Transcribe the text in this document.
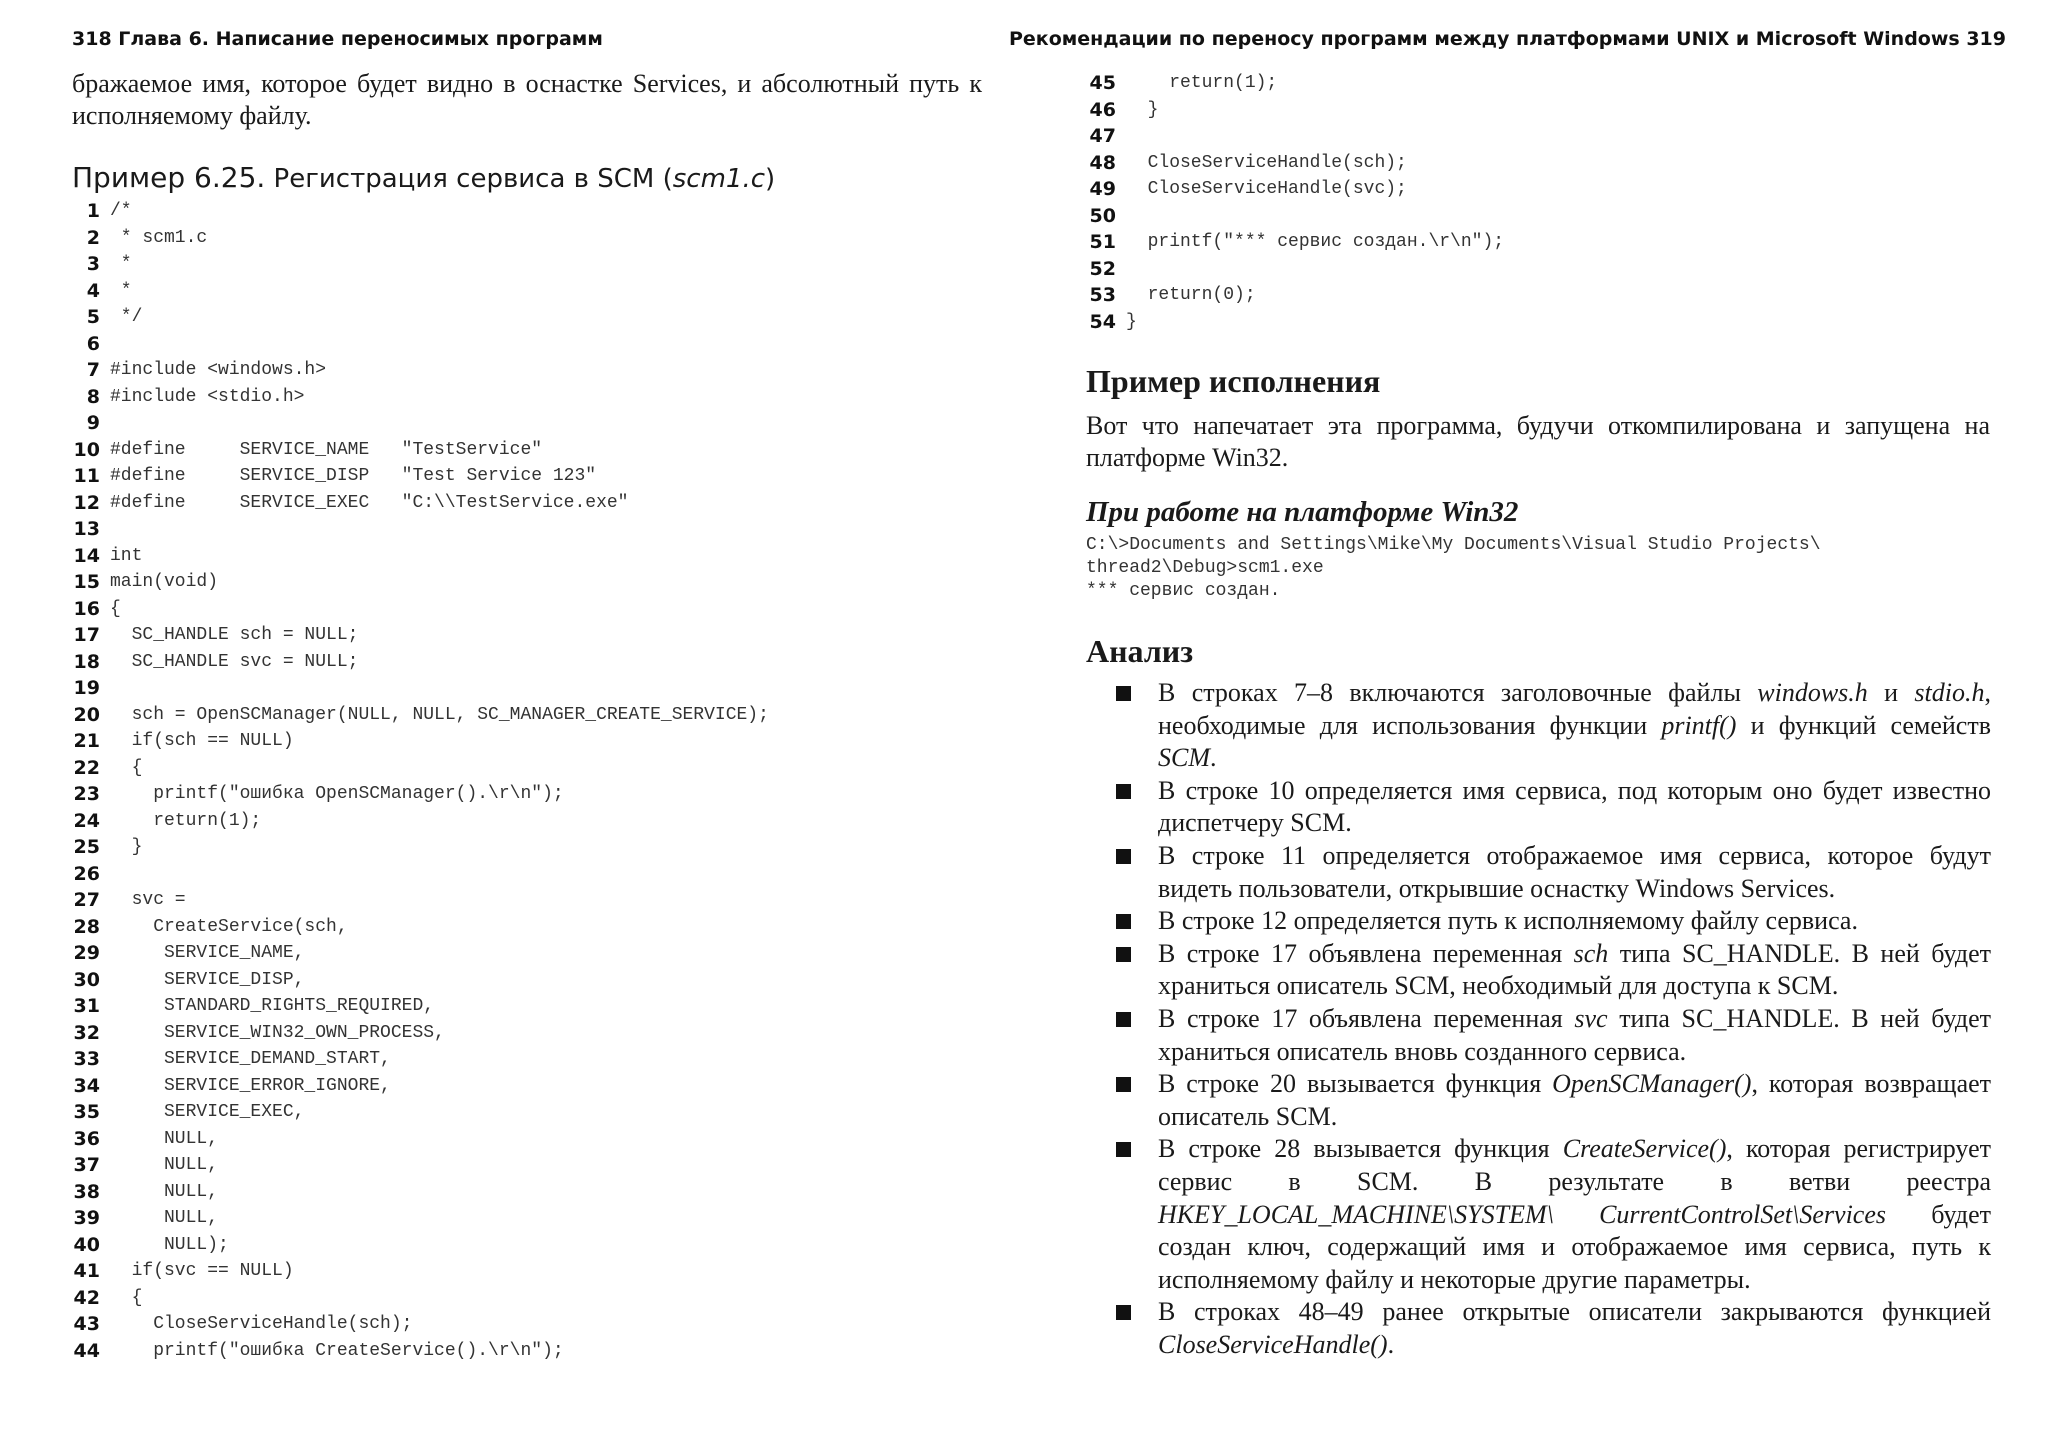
318 Глава 6. Написание переносимых программ

бражаемое имя, которое будет видно в оснастке Services, и абсолютный путь к исполняемому файлу.

Пример 6.25. Регистрация сервиса в SCM (scm1.c)
1 /*
2 * scm1.c
3 *
4 *
5 */
6
7 #include <windows.h>
8 #include <stdio.h>
9
10 #define     SERVICE_NAME   "TestService"
11 #define     SERVICE_DISP   "Test Service 123"
12 #define     SERVICE_EXEC   "C:\\TestService.exe"
13
14 int
15 main(void)
16 {
17 SC_HANDLE sch = NULL;
18 SC_HANDLE svc = NULL;
19
20 sch = OpenSCManager(NULL, NULL, SC_MANAGER_CREATE_SERVICE);
21 if(sch == NULL)
22 {
23 printf("ошибка OpenSCManager().\r\n");
24 return(1);
25 }
26
27 svc =
28 CreateService(sch,
29 SERVICE_NAME,
30 SERVICE_DISP,
31 STANDARD_RIGHTS_REQUIRED,
32 SERVICE_WIN32_OWN_PROCESS,
33 SERVICE_DEMAND_START,
34 SERVICE_ERROR_IGNORE,
35 SERVICE_EXEC,
36 NULL,
37 NULL,
38 NULL,
39 NULL,
40 NULL);
41 if(svc == NULL)
42 {
43 CloseServiceHandle(sch);
44 printf("ошибка CreateService().\r\n");
Рекомендации по переносу программ между платформами UNIX и Microsoft Windows 319
45 return(1);
46 }
47
48 CloseServiceHandle(sch);
49 CloseServiceHandle(svc);
50
51 printf("*** сервис создан.\r\n");
52
53 return(0);
54 }
Пример исполнения

Вот что напечатает эта программа, будучи откомпилирована и запущена на платформе Win32.

При работе на платформе Win32
C:\>Documents and Settings\Mike\My Documents\Visual Studio Projects\
thread2\Debug>scm1.exe
*** сервис создан.
Анализ
В строках 7–8 включаются заголовочные файлы windows.h и stdio.h, необходимые для использования функции printf() и функций семейств SCM.
В строке 10 определяется имя сервиса, под которым оно будет известно диспетчеру SCM.
В строке 11 определяется отображаемое имя сервиса, которое будут видеть пользователи, открывшие оснастку Windows Services.
В строке 12 определяется путь к исполняемому файлу сервиса.
В строке 17 объявлена переменная sch типа SC_HANDLE. В ней будет храниться описатель SCM, необходимый для доступа к SCM.
В строке 17 объявлена переменная svc типа SC_HANDLE. В ней будет храниться описатель вновь созданного сервиса.
В строке 20 вызывается функция OpenSCManager(), которая возвращает описатель SCM.
В строке 28 вызывается функция CreateService(), которая регистрирует сервис в SCM. В результате в ветви реестра HKEY_LOCAL_MACHINE\SYSTEM\ CurrentControlSet\Services будет создан ключ, содержащий имя и отображаемое имя сервиса, путь к исполняемому файлу и некоторые другие параметры.
В строках 48–49 ранее открытые описатели закрываются функцией CloseServiceHandle().
